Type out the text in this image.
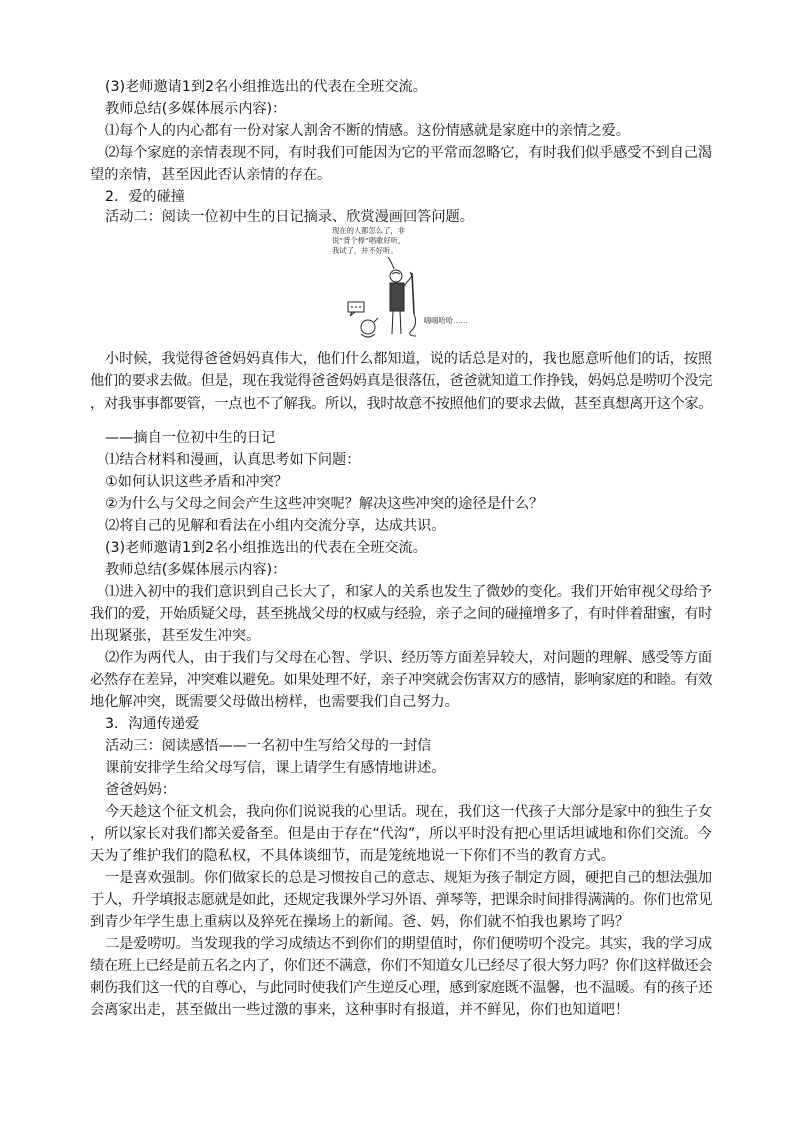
(3)老师邀请1到2名小组推选出的代表在全班交流。
教师总结(多媒体展示内容)：
⑴每个人的内心都有一份对家人割舍不断的情感。这份情感就是家庭中的亲情之爱。
⑵每个家庭的亲情表现不同，有时我们可能因为它的平常而忽略它，有时我们似乎感受不到自己渴
望的亲情，甚至因此否认亲情的存在。
2．爱的碰撞
活动二：阅读一位初中生的日记摘录、欣赏漫画回答问题。
现在的人都怎么了，非
说“背个棒”唱歌好听，
我试了，并不好听。
嗨嗨哈哈……
小时候，我觉得爸爸妈妈真伟大，他们什么都知道，说的话总是对的，我也愿意听他们的话，按照
他们的要求去做。但是，现在我觉得爸爸妈妈真是很落伍，爸爸就知道工作挣钱，妈妈总是唠叨个没完
，对我事事都要管，一点也不了解我。所以，我时故意不按照他们的要求去做，甚至真想离开这个家。
——摘自一位初中生的日记
⑴结合材料和漫画，认真思考如下问题：
①如何认识这些矛盾和冲突？
②为什么与父母之间会产生这些冲突呢？解决这些冲突的途径是什么？
⑵将自己的见解和看法在小组内交流分享，达成共识。
(3)老师邀请1到2名小组推选出的代表在全班交流。
教师总结(多媒体展示内容)：
⑴进入初中的我们意识到自己长大了，和家人的关系也发生了微妙的变化。我们开始审视父母给予
我们的爱，开始质疑父母，甚至挑战父母的权威与经验，亲子之间的碰撞增多了，有时伴着甜蜜，有时
出现紧张，甚至发生冲突。
⑵作为两代人，由于我们与父母在心智、学识、经历等方面差异较大，对问题的理解、感受等方面
必然存在差异，冲突难以避免。如果处理不好，亲子冲突就会伤害双方的感情，影响家庭的和睦。有效
地化解冲突，既需要父母做出榜样，也需要我们自己努力。
3．沟通传递爱
活动三：阅读感悟——一名初中生写给父母的一封信
课前安排学生给父母写信，课上请学生有感情地讲述。
爸爸妈妈：
今天趁这个征文机会，我向你们说说我的心里话。现在，我们这一代孩子大部分是家中的独生子女
，所以家长对我们都关爱备至。但是由于存在“代沟”，所以平时没有把心里话坦诚地和你们交流。今
天为了维护我们的隐私权，不具体谈细节，而是笼统地说一下你们不当的教育方式。
一是喜欢强制。你们做家长的总是习惯按自己的意志、规矩为孩子制定方圆，硬把自己的想法强加
于人，升学填报志愿就是如此，还规定我课外学习外语、弹琴等，把课余时间排得满满的。你们也常见
到青少年学生患上重病以及猝死在操场上的新闻。爸、妈，你们就不怕我也累垮了吗？
二是爱唠叨。当发现我的学习成绩达不到你们的期望值时，你们便唠叨个没完。其实，我的学习成
绩在班上已经是前五名之内了，你们还不满意，你们不知道女儿已经尽了很大努力吗？你们这样做还会
刺伤我们这一代的自尊心，与此同时使我们产生逆反心理，感到家庭既不温馨，也不温暖。有的孩子还
会离家出走，甚至做出一些过激的事来，这种事时有报道，并不鲜见，你们也知道吧！
